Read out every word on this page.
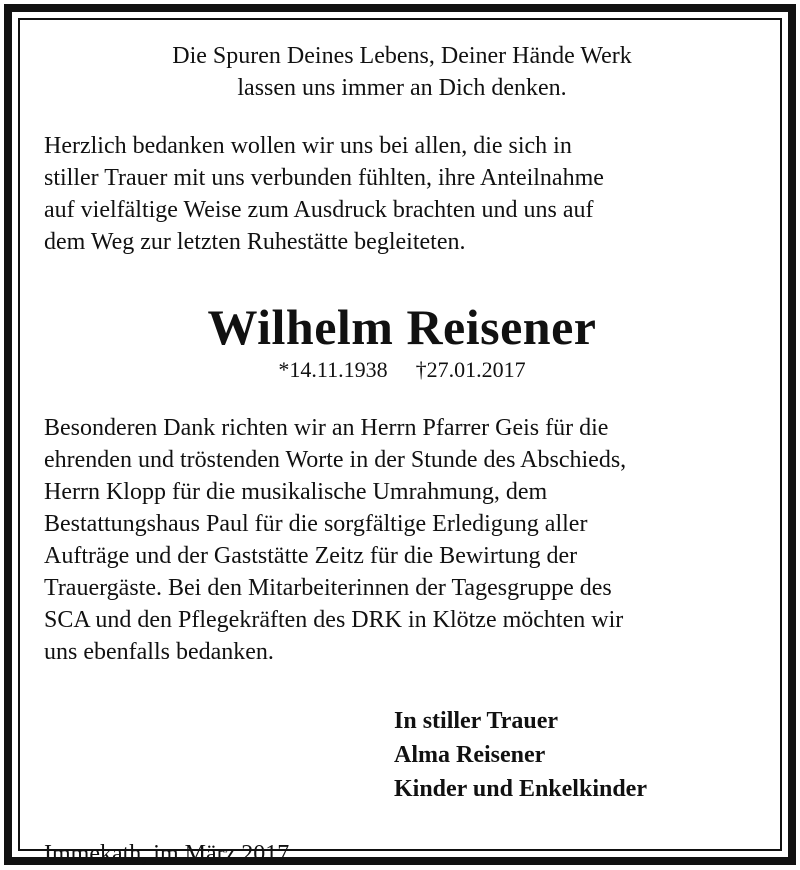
Die Spuren Deines Lebens, Deiner Hände Werk
lassen uns immer an Dich denken.
Herzlich bedanken wollen wir uns bei allen, die sich in
stiller Trauer mit uns verbunden fühlten, ihre Anteilnahme
auf vielfältige Weise zum Ausdruck brachten und uns auf
dem Weg zur letzten Ruhestätte begleiteten.
Wilhelm Reisener
*14.11.1938 †27.01.2017
Besonderen Dank richten wir an Herrn Pfarrer Geis für die
ehrenden und tröstenden Worte in der Stunde des Abschieds,
Herrn Klopp für die musikalische Umrahmung, dem
Bestattungshaus Paul für die sorgfältige Erledigung aller
Aufträge und der Gaststätte Zeitz für die Bewirtung der
Trauergäste. Bei den Mitarbeiterinnen der Tagesgruppe des
SCA und den Pflegekräften des DRK in Klötze möchten wir
uns ebenfalls bedanken.
In stiller Trauer
Alma Reisener
Kinder und Enkelkinder
Immekath, im März 2017
